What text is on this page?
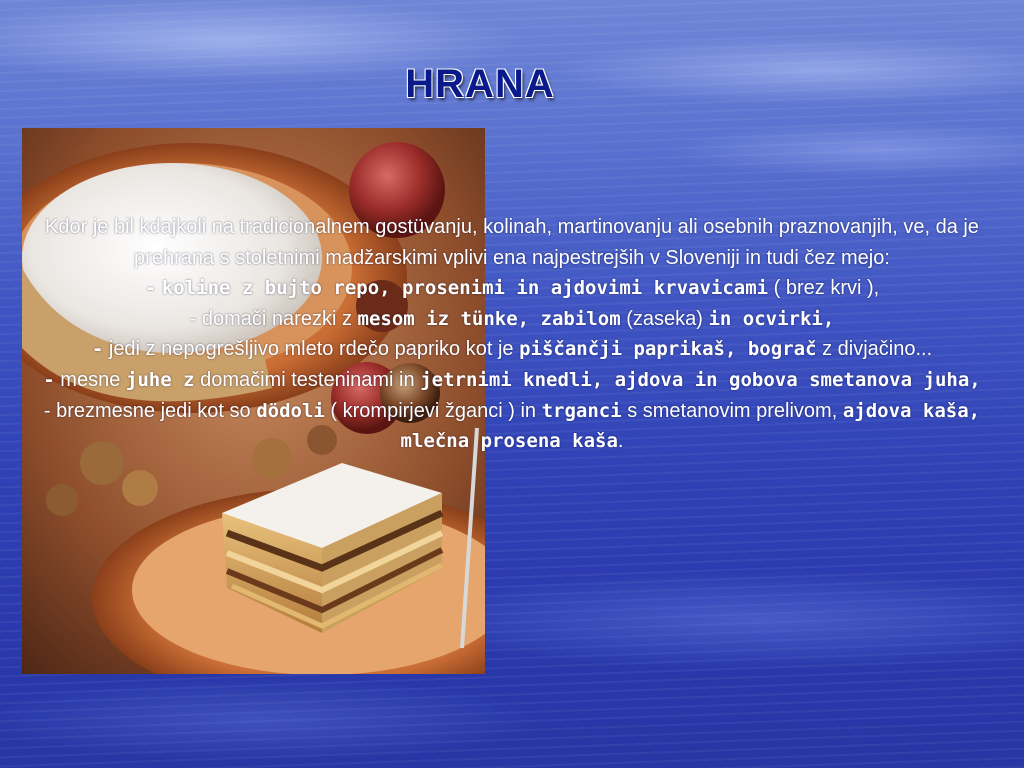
HRANA

Kdor je bil kdajkoli na tradicionalnem gostüvanju, kolinah, martinovanju ali osebnih praznovanjih, ve, da je prehrana s stoletnimi madžarskimi vplivi ena najpestrejših v Sloveniji in tudi čez mejo:

- koline z bujto repo, prosenimi in ajdovimi krvavicami ( brez krvi ),

- domači narezki z mesom iz tünke, zabilom (zaseka) in ocvirki,

- jedi z nepogrešljivo mleto rdečo papriko kot je piščančji paprikaš, bograč z divjačino...

- mesne juhe z domačimi testeninami in jetrnimi knedli, ajdova in gobova smetanova juha,

- brezmesne jedi kot so dödoli ( krompirjevi žganci ) in trganci s smetanovim prelivom, ajdova kaša, mlečna prosena kaša.
